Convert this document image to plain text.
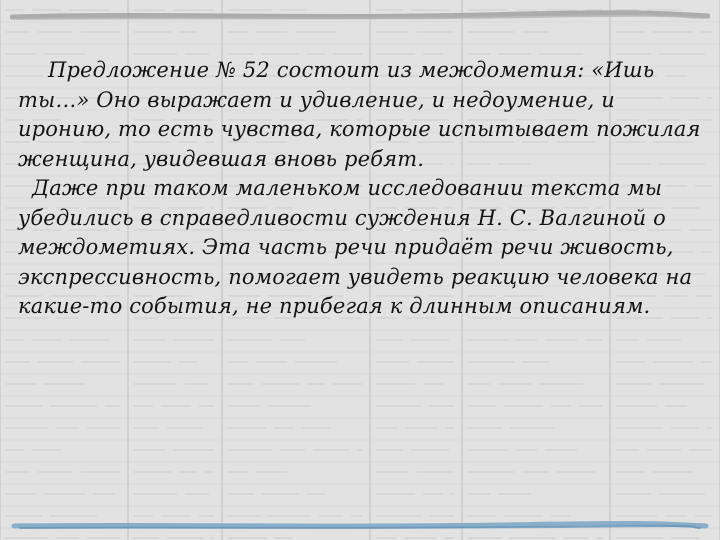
Предложение № 52 состоит из междометия: «Ишь ты…» Оно выражает и удивление, и недоумение, и иронию, то есть чувства, которые испытывает пожилая женщина, увидевшая вновь ребят.

Даже при таком маленьком исследовании текста мы убедились в справедливости суждения Н. С. Валгиной о междометиях. Эта часть речи придаёт речи живость, экспрессивность, помогает увидеть реакцию человека на какие-то события, не прибегая к длинным описаниям.
